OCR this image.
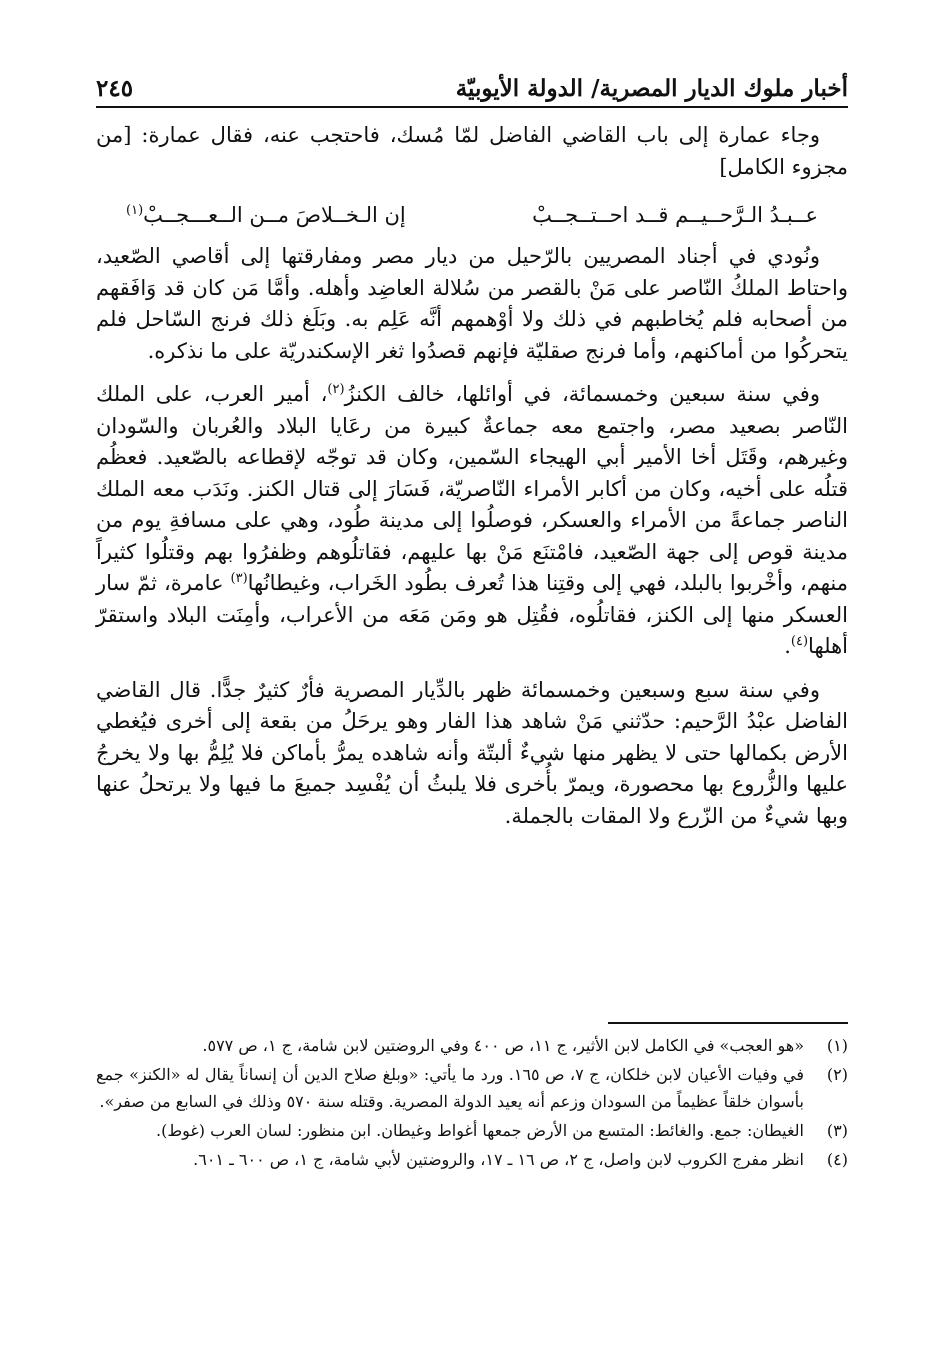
أخبار ملوك الديار المصرية/ الدولة الأيوبيّة
٢٤٥

وجاء عمارة إلى باب القاضي الفاضل لمّا مُسك، فاحتجب عنه، فقال عمارة: [من مجزوء الكامل]

عــبـدُ الـرَّحــيــم قــد احــتــجــبْ
إن الـخــلاصَ مــن الــعـــجــبْ$^{(١)}$

ونُودي في أجناد المصريين بالرّحيل من ديار مصر ومفارقتها إلى أقاصي الصّعيد، واحتاط الملكُ النّاصر على مَنْ بالقصر من سُلالة العاضِد وأهله. وأمَّا مَن كان قد وَافَقهم من أصحابه فلم يُخاطبهم في ذلك ولا أوْهمهم أنَّه عَلِم به. وبَلَغ ذلك فرنج السّاحل فلم يتحركُوا من أماكنهم، وأما فرنج صقليّة فإنهم قصدُوا ثغر الإسكندريّة على ما نذكره.

وفي سنة سبعين وخمسمائة، في أوائلها، خالف الكنزُ$^{(٢)}$، أمير العرب، على الملك النّاصر بصعيد مصر، واجتمع معه جماعةٌ كبيرة من رعَايا البلاد والعُربان والسّودان وغيرهم، وقَتَل أخا الأمير أبي الهيجاء السّمين، وكان قد توجّه لإقطاعه بالصّعيد. فعظُم قتلُه على أخيه، وكان من أكابر الأمراء النّاصريّة، فَسَارَ إلى قتال الكنز. ونَدَب معه الملك الناصر جماعةً من الأمراء والعسكر، فوصلُوا إلى مدينة طُود، وهي على مسافةِ يوم من مدينة قوص إلى جهة الصّعيد، فامْتنَع مَنْ بها عليهم، فقاتلُوهم وظفرُوا بهم وقتلُوا كثيراً منهم، وأخْربوا بالبلد، فهي إلى وقتِنا هذا تُعرف بطُود الخَراب، وغيطانُها$^{(٣)}$ عامرة، ثمّ سار العسكر منها إلى الكنز، فقاتلُوه، فقُتِل هو ومَن مَعَه من الأعراب، وأمِنَت البلاد واستقرّ أهلها$^{(٤)}$.

وفي سنة سبع وسبعين وخمسمائة ظهر بالدِّيار المصرية فأرٌ كثيرٌ جدًّا. قال القاضي الفاضل عبْدُ الرَّحيم: حدّثني مَنْ شاهد هذا الفار وهو يرحَلُ من بقعة إلى أخرى فيُغطي الأرض بكمالها حتى لا يظهر منها شيءٌ ألبتّة وأنه شاهده يمرُّ بأماكن فلا يُلِمُّ بها ولا يخرجُ عليها والزُّروع بها محصورة، ويمرّ بأُخرى فلا يلبثُ أن يُفْسِد جميعَ ما فيها ولا يرتحلُ عنها وبها شيءٌ من الزّرع ولا المقات بالجملة.

(١)
«هو العجب» في الكامل لابن الأثير، ج ١١، ص ٤٠٠ وفي الروضتين لابن شامة، ج ١، ص ٥٧٧.
(٢)
في وفيات الأعيان لابن خلكان، ج ٧، ص ١٦٥. ورد ما يأتي: «وبلغ صلاح الدين أن إنساناً يقال له «الكنز» جمع بأسوان خلقاً عظيماً من السودان وزعم أنه يعيد الدولة المصرية. وقتله سنة ٥٧٠ وذلك في السابع من صفر».
(٣)
الغيطان: جمع. والغائط: المتسع من الأرض جمعها أغواط وغيطان. ابن منظور: لسان العرب (غوط).
(٤)
انظر مفرج الكروب لابن واصل، ج ٢، ص ١٦ ـ ١٧، والروضتين لأبي شامة، ج ١، ص ٦٠٠ ـ ٦٠١.
